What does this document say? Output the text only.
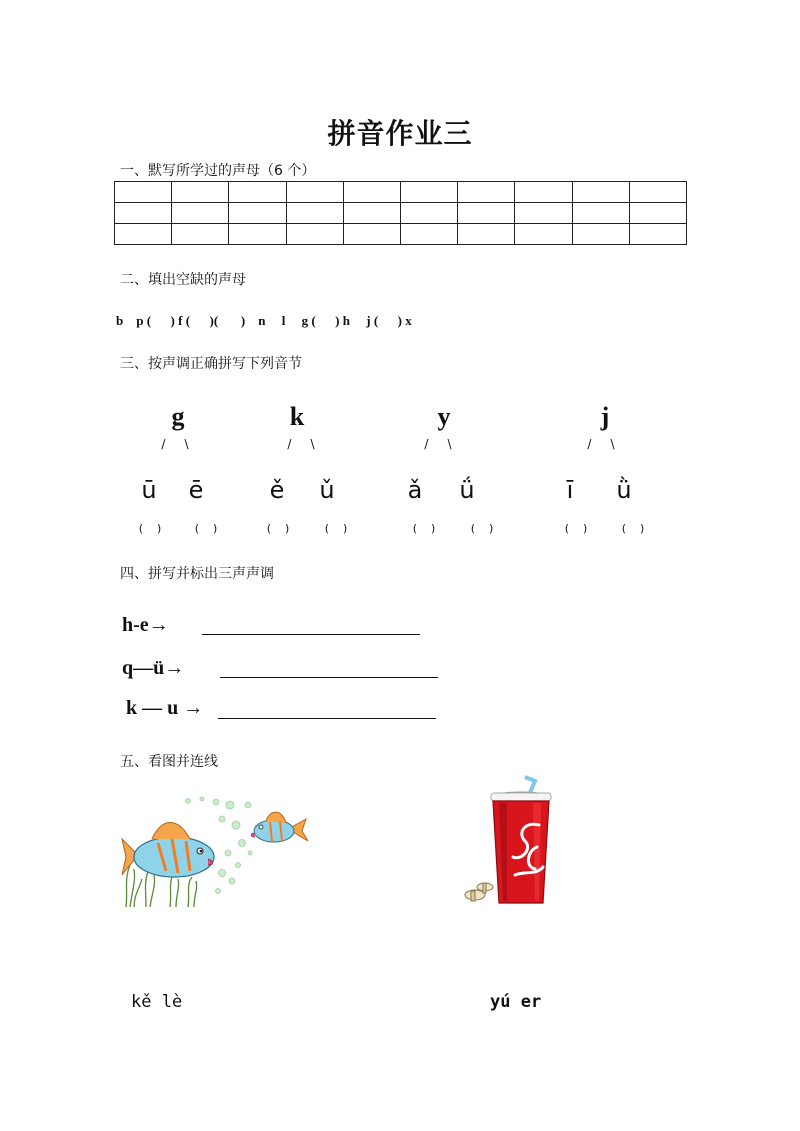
拼音作业三
一、默写所学过的声母（6 个）

二、填出空缺的声母
b    p (      ) f (      )(       )    n     l     g (      ) h     j (      ) x
三、按声调正确拼写下列音节
g
/     \
ū	ē
(    )	(    )
k
/     \
ě	ǔ
(    )	(    )
y
/     \
ǎ	ǘ
(    )	(    )
j
/     \
ī	ǜ
(    )	(    )
四、拼写并标出三声声调
h-e→
q—ü→
k — u →
五、看图并连线
kě lè	yú er
